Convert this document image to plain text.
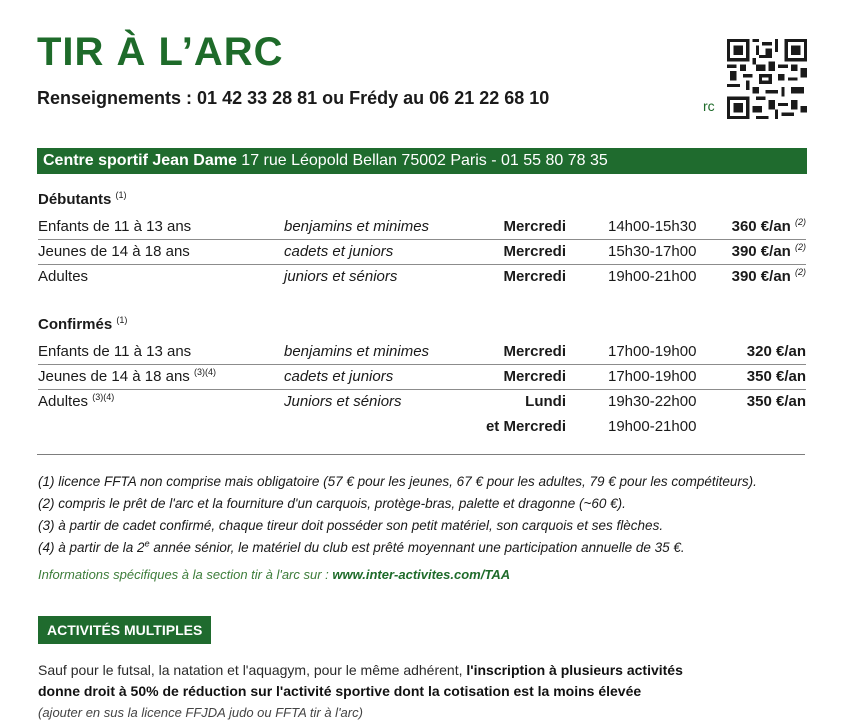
TIR À L’ARC
Renseignements : 01 42 33 28 81 ou Frédy au 06 21 22 68 10	rc
Centre sportif Jean Dame 17 rue Léopold Bellan 75002 Paris - 01 55 80 78 35
Débutants $^{(1)}$
Enfants de 11 à 13 ans	benjamins et minimes	Mercredi	14h00-15h30 360 €/an $^{(2)}$
Jeunes de 14 à 18 ans	cadets et juniors	Mercredi	15h30-17h00 390 €/an $^{(2)}$
Adultes	juniors et séniors	Mercredi	19h00-21h00 390 €/an $^{(2)}$
Confirmés $^{(1)}$
Enfants de 11 à 13 ans	benjamins et minimes	Mercredi	17h00-19h00	320 €/an
Jeunes de 14 à 18 ans $^{(3)(4)}$	cadets et juniors	Mercredi	17h00-19h00	350 €/an
Adultes $^{(3)(4)}$	Juniors et séniors	Lundi	19h30-22h00	350 €/an
et Mercredi	19h00-21h00
(1) licence FFTA non comprise mais obligatoire (57 € pour les jeunes, 67 € pour les adultes, 79 € pour les compétiteurs).
(2) compris le prêt de l'arc et la fourniture d'un carquois, protège-bras, palette et dragonne (~60 €).
(3) à partir de cadet confirmé, chaque tireur doit posséder son petit matériel, son carquois et ses flèches.
(4) à partir de la 2e année sénior, le matériel du club est prêté moyennant une participation annuelle de 35 €.
Informations spécifiques à la section tir à l'arc sur : www.inter-activites.com/TAA
ACTIVITÉS MULTIPLES
Sauf pour le futsal, la natation et l'aquagym, pour le même adhérent, l'inscription à plusieurs activités
donne droit à 50% de réduction sur l'activité sportive dont la cotisation est la moins élevée
(ajouter en sus la licence FFJDA judo ou FFTA tir à l'arc)
